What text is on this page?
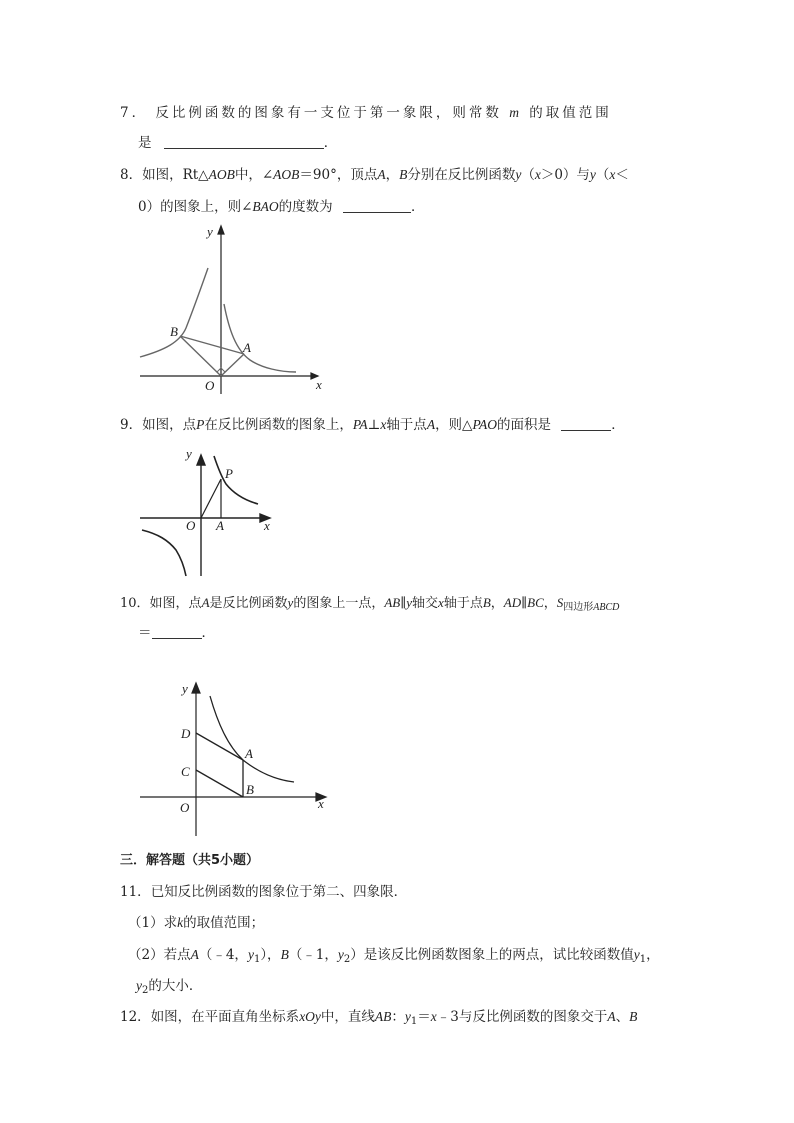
7． 反比例函数的图象有一支位于第一象限，则常数 m 的取值范围
是	．
8．如图，Rt△AOB中，∠AOB＝90°，顶点A，B分别在反比例函数y（x＞0）与y（x＜
0）的图象上，则∠BAO的度数为	．
y
x
O
A
B
9．如图，点P在反比例函数的图象上，PA⊥x轴于点A，则△PAO的面积是	．
y
x
O A
P
10．如图，点A是反比例函数y的图象上一点，AB∥y轴交x轴于点B，AD∥BC，$S_{四边形ABCD}$
＝	．
y
x
O
A
B
C
D
三．解答题（共5小题）
11．已知反比例函数的图象位于第二、四象限．
（1）求k的取值范围；
（2）若点A（﹣4，$y_1$），B（﹣1，$y_2$）是该反比例函数图象上的两点，试比较函数值$y_1$，
$y_2$的大小．
12．如图，在平面直角坐标系xOy中，直线AB：$y_1=x﹣3$与反比例函数的图象交于A、B
